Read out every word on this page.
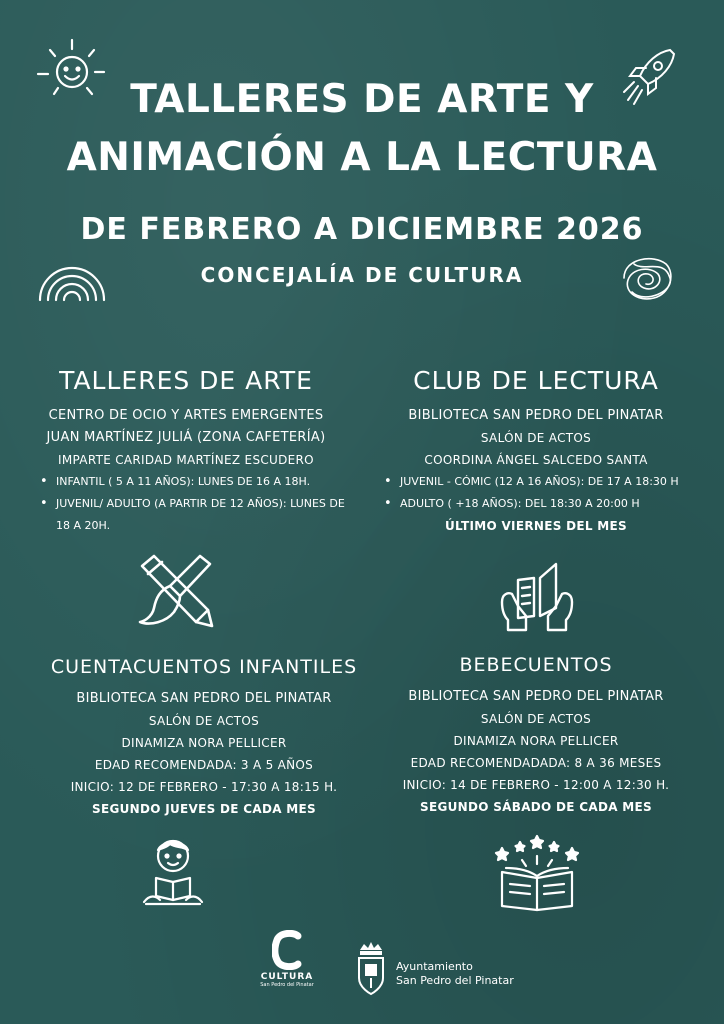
TALLERES DE ARTE Y
ANIMACIÓN A LA LECTURA
DE FEBRERO A DICIEMBRE 2026
CONCEJALÍA DE CULTURA
TALLERES DE ARTE
CENTRO DE OCIO Y ARTES EMERGENTES
JUAN MARTÍNEZ JULIÁ (ZONA CAFETERÍA)
IMPARTE CARIDAD MARTÍNEZ ESCUDERO
• INFANTIL ( 5 A 11 AÑOS): LUNES DE 16 A 18H.
• JUVENIL/ ADULTO (A PARTIR DE 12 AÑOS): LUNES DE 18 A 20H.
CLUB DE LECTURA
BIBLIOTECA SAN PEDRO DEL PINATAR
SALÓN DE ACTOS
COORDINA ÁNGEL SALCEDO SANTA
• JUVENIL - CÓMIC (12 A 16 AÑOS): DE 17 A 18:30 H
• ADULTO ( +18 AÑOS): DEL 18:30 A 20:00 H
ÚLTIMO VIERNES DEL MES
CUENTACUENTOS INFANTILES
BIBLIOTECA SAN PEDRO DEL PINATAR
SALÓN DE ACTOS
DINAMIZA NORA PELLICER
EDAD RECOMENDADA: 3 A 5 AÑOS
INICIO: 12 DE FEBRERO - 17:30 A 18:15 H.
SEGUNDO JUEVES DE CADA MES
BEBECUENTOS
BIBLIOTECA SAN PEDRO DEL PINATAR
SALÓN DE ACTOS
DINAMIZA NORA PELLICER
EDAD RECOMENDADADA: 8 A 36 MESES
INICIO: 14 DE FEBRERO - 12:00 A 12:30 H.
SEGUNDO SÁBADO DE CADA MES
CULTURA
San Pedro del Pinatar
Ayuntamiento
San Pedro del Pinatar
